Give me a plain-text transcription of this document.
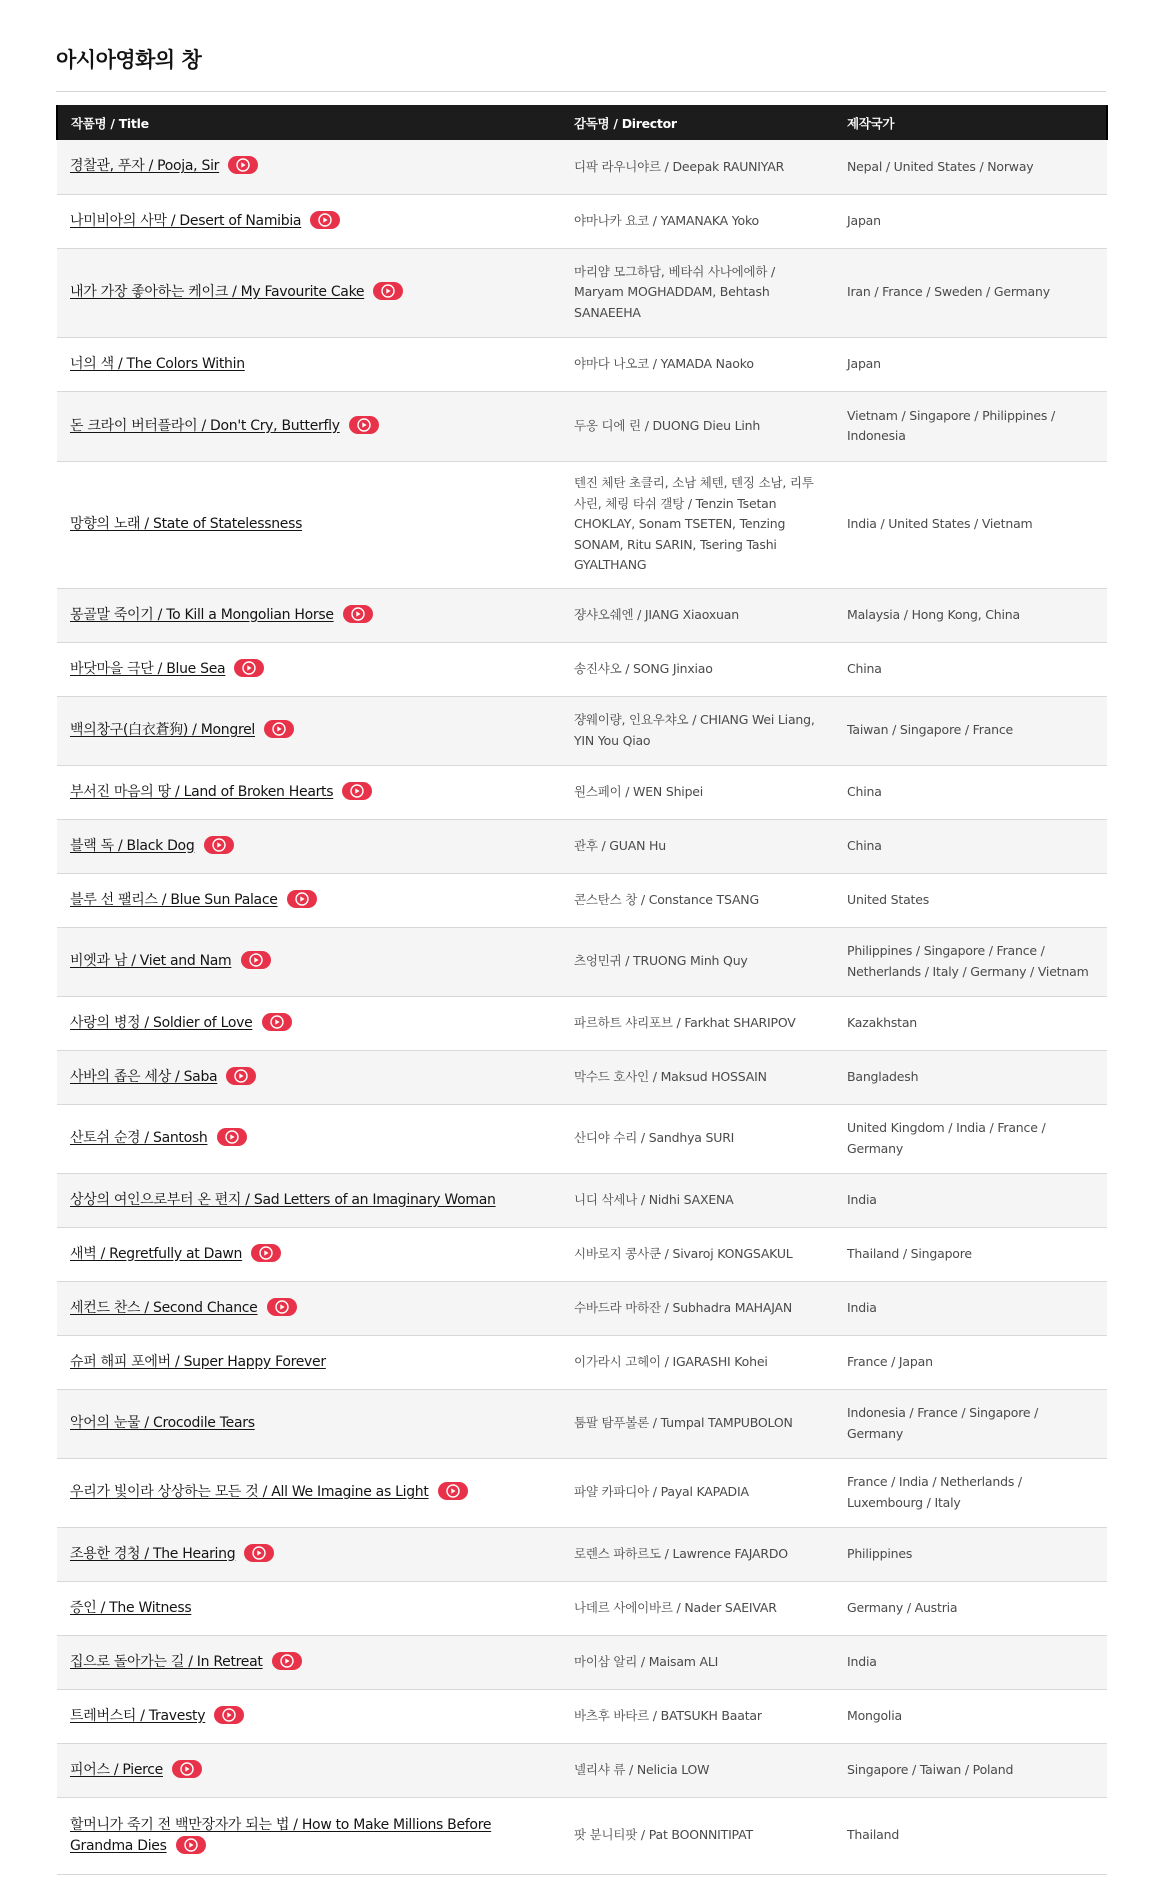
아시아영화의 창
작품명 / Title	감독명 / Director	제작국가
경찰관, 푸자 / Pooja, Sir	디팍 라우니야르 / Deepak RAUNIYAR	Nepal / United States / Norway
나미비아의 사막 / Desert of Namibia	야마나카 요코 / YAMANAKA Yoko	Japan
내가 가장 좋아하는 케이크 / My Favourite Cake	마리얌 모그하담, 베타쉬 사나에에하 / Maryam MOGHADDAM, Behtash SANAEEHA	Iran / France / Sweden / Germany
너의 색 / The Colors Within	야마다 나오코 / YAMADA Naoko	Japan
돈 크라이 버터플라이 / Don't Cry, Butterfly	두옹 디에 린 / DUONG Dieu Linh	Vietnam / Singapore / Philippines / Indonesia
망향의 노래 / State of Statelessness	텐진 체탄 초클리, 소남 체텐, 텐징 소남, 리투 사린, 체링 타쉬 갤탕 / Tenzin Tsetan CHOKLAY, Sonam TSETEN, Tenzing SONAM, Ritu SARIN, Tsering Tashi GYALTHANG	India / United States / Vietnam
몽골말 죽이기 / To Kill a Mongolian Horse	쟝샤오쉐엔 / JIANG Xiaoxuan	Malaysia / Hong Kong, China
바닷마을 극단 / Blue Sea	송진샤오 / SONG Jinxiao	China
백의창구(白衣蒼狗) / Mongrel	쟝웨이량, 인요우챠오 / CHIANG Wei Liang, YIN You Qiao	Taiwan / Singapore / France
부서진 마음의 땅 / Land of Broken Hearts	원스페이 / WEN Shipei	China
블랙 독 / Black Dog	관후 / GUAN Hu	China
블루 선 팰리스 / Blue Sun Palace	콘스탄스 창 / Constance TSANG	United States
비엣과 남 / Viet and Nam	츠엉민귀 / TRUONG Minh Quy	Philippines / Singapore / France / Netherlands / Italy / Germany / Vietnam
사랑의 병정 / Soldier of Love	파르하트 샤리포브 / Farkhat SHARIPOV	Kazakhstan
사바의 좁은 세상 / Saba	막수드 호사인 / Maksud HOSSAIN	Bangladesh
산토쉬 순경 / Santosh	산디야 수리 / Sandhya SURI	United Kingdom / India / France / Germany
상상의 여인으로부터 온 편지 / Sad Letters of an Imaginary Woman	니디 삭세나 / Nidhi SAXENA	India
새벽 / Regretfully at Dawn	시바로지 콩사쿤 / Sivaroj KONGSAKUL	Thailand / Singapore
세컨드 찬스 / Second Chance	수바드라 마하잔 / Subhadra MAHAJAN	India
슈퍼 해피 포에버 / Super Happy Forever	이가라시 고헤이 / IGARASHI Kohei	France / Japan
악어의 눈물 / Crocodile Tears	툼팔 탐푸볼론 / Tumpal TAMPUBOLON	Indonesia / France / Singapore / Germany
우리가 빛이라 상상하는 모든 것 / All We Imagine as Light	파얄 카파디아 / Payal KAPADIA	France / India / Netherlands / Luxembourg / Italy
조용한 경청 / The Hearing	로렌스 파하르도 / Lawrence FAJARDO	Philippines
증인 / The Witness	나데르 사에이바르 / Nader SAEIVAR	Germany / Austria
집으로 돌아가는 길 / In Retreat	마이삼 알리 / Maisam ALI	India
트레버스티 / Travesty	바츠후 바타르 / BATSUKH Baatar	Mongolia
피어스 / Pierce	넬리샤 류 / Nelicia LOW	Singapore / Taiwan / Poland
할머니가 죽기 전 백만장자가 되는 법 / How to Make Millions Before Grandma Dies	팟 분니티팟 / Pat BOONNITIPAT	Thailand
